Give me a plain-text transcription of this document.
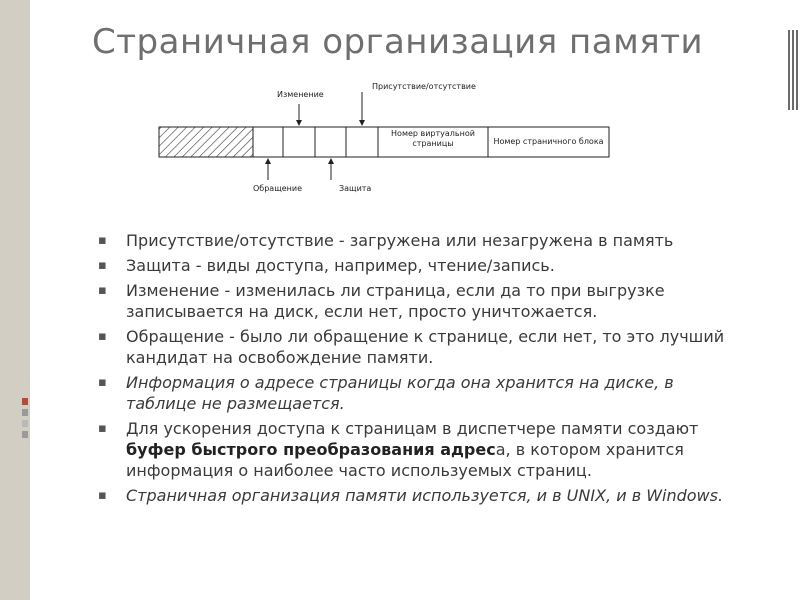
Страничная организация памяти
Изменение
Присутствие/отсутствие
Обращение	Защита
Номер виртуальной страницы	Номер страничного блока
▪ Присутствие/отсутствие - загружена или незагружена в память
▪ Защита - виды доступа, например, чтение/запись.
▪ Изменение - изменилась ли страница, если да то при выгрузке записывается на диск, если нет, просто уничтожается.
▪ Обращение - было ли обращение к странице, если нет, то это лучший кандидат на освобождение памяти.
▪ Информация о адресе страницы когда она хранится на диске, в таблице не размещается.
▪ Для ускорения доступа к страницам в диспетчере памяти создают буфер быстрого преобразования адреса, в котором хранится информация о наиболее часто используемых страниц.
▪ Страничная организация памяти используется, и в UNIX, и в Windows.
